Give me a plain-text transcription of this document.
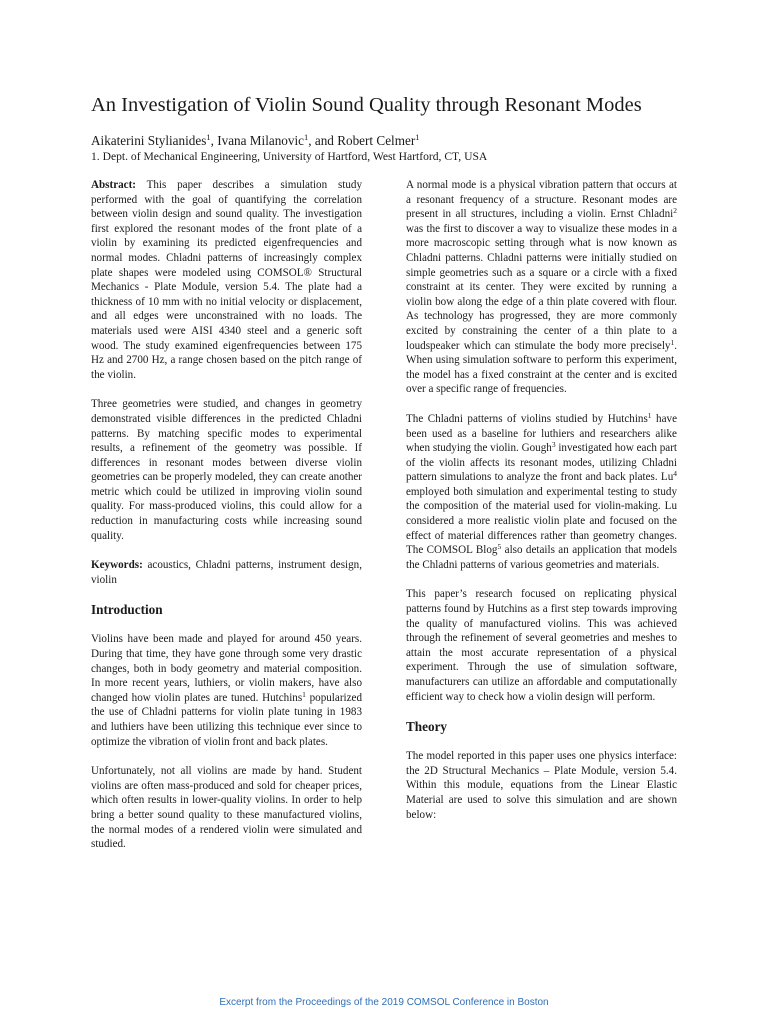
An Investigation of Violin Sound Quality through Resonant Modes
Aikaterini Stylianides$^1$, Ivana Milanovic$^1$, and Robert Celmer$^1$
1. Dept. of Mechanical Engineering, University of Hartford, West Hartford, CT, USA

Abstract: This paper describes a simulation study performed with the goal of quantifying the correlation between violin design and sound quality. The investigation first explored the resonant modes of the front plate of a violin by examining its predicted eigenfrequencies and normal modes. Chladni patterns of increasingly complex plate shapes were modeled using COMSOL® Structural Mechanics - Plate Module, version 5.4. The plate had a thickness of 10 mm with no initial velocity or displacement, and all edges were unconstrained with no loads. The materials used were AISI 4340 steel and a generic soft wood. The study examined eigenfrequencies between 175 Hz and 2700 Hz, a range chosen based on the pitch range of the violin.

Three geometries were studied, and changes in geometry demonstrated visible differences in the predicted Chladni patterns. By matching specific modes to experimental results, a refinement of the geometry was possible. If differences in resonant modes between diverse violin geometries can be properly modeled, they can create another metric which could be utilized in improving violin sound quality. For mass-produced violins, this could allow for a reduction in manufacturing costs while increasing sound quality.

Keywords: acoustics, Chladni patterns, instrument design, violin

Introduction

Violins have been made and played for around 450 years. During that time, they have gone through some very drastic changes, both in body geometry and material composition. In more recent years, luthiers, or violin makers, have also changed how violin plates are tuned. Hutchins$^1$ popularized the use of Chladni patterns for violin plate tuning in 1983 and luthiers have been utilizing this technique ever since to optimize the vibration of violin front and back plates.

Unfortunately, not all violins are made by hand. Student violins are often mass-produced and sold for cheaper prices, which often results in lower-quality violins. In order to help bring a better sound quality to these manufactured violins, the normal modes of a rendered violin were simulated and studied.

A normal mode is a physical vibration pattern that occurs at a resonant frequency of a structure. Resonant modes are present in all structures, including a violin. Ernst Chladni$^2$ was the first to discover a way to visualize these modes in a more macroscopic setting through what is now known as Chladni patterns. Chladni patterns were initially studied on simple geometries such as a square or a circle with a fixed constraint at its center. They were excited by running a violin bow along the edge of a thin plate covered with flour. As technology has progressed, they are more commonly excited by constraining the center of a thin plate to a loudspeaker which can stimulate the body more precisely$^1$. When using simulation software to perform this experiment, the model has a fixed constraint at the center and is excited over a specific range of frequencies.

The Chladni patterns of violins studied by Hutchins$^1$ have been used as a baseline for luthiers and researchers alike when studying the violin. Gough$^3$ investigated how each part of the violin affects its resonant modes, utilizing Chladni pattern simulations to analyze the front and back plates. Lu$^4$ employed both simulation and experimental testing to study the composition of the material used for violin-making. Lu considered a more realistic violin plate and focused on the effect of material differences rather than geometry changes. The COMSOL Blog$^5$ also details an application that models the Chladni patterns of various geometries and materials.

This paper’s research focused on replicating physical patterns found by Hutchins as a first step towards improving the quality of manufactured violins. This was achieved through the refinement of several geometries and meshes to attain the most accurate representation of a physical experiment. Through the use of simulation software, manufacturers can utilize an affordable and computationally efficient way to check how a violin design will perform.

Theory

The model reported in this paper uses one physics interface: the 2D Structural Mechanics – Plate Module, version 5.4. Within this module, equations from the Linear Elastic Material are used to solve this simulation and are shown below:

Excerpt from the Proceedings of the 2019 COMSOL Conference in Boston
